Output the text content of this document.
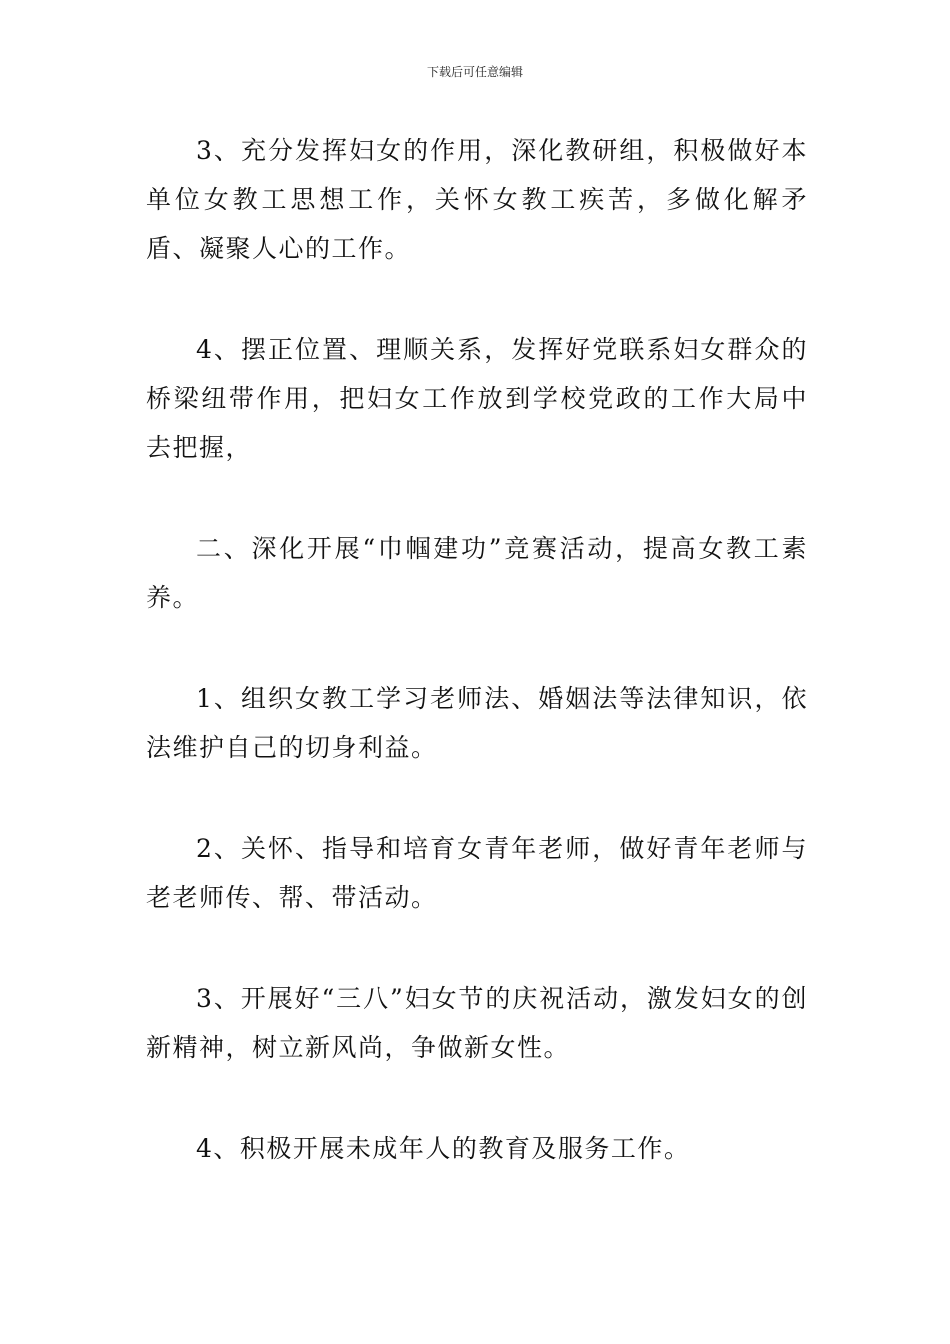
下载后可任意编辑

3、充分发挥妇女的作用，深化教研组，积极做好本单位女教工思想工作，关怀女教工疾苦，多做化解矛盾、凝聚人心的工作。

4、摆正位置、理顺关系，发挥好党联系妇女群众的桥梁纽带作用，把妇女工作放到学校党政的工作大局中去把握，

二、深化开展“巾帼建功”竞赛活动，提高女教工素养。

1、组织女教工学习老师法、婚姻法等法律知识，依法维护自己的切身利益。

2、关怀、指导和培育女青年老师，做好青年老师与老老师传、帮、带活动。

3、开展好“三八”妇女节的庆祝活动，激发妇女的创新精神，树立新风尚，争做新女性。

4、积极开展未成年人的教育及服务工作。
